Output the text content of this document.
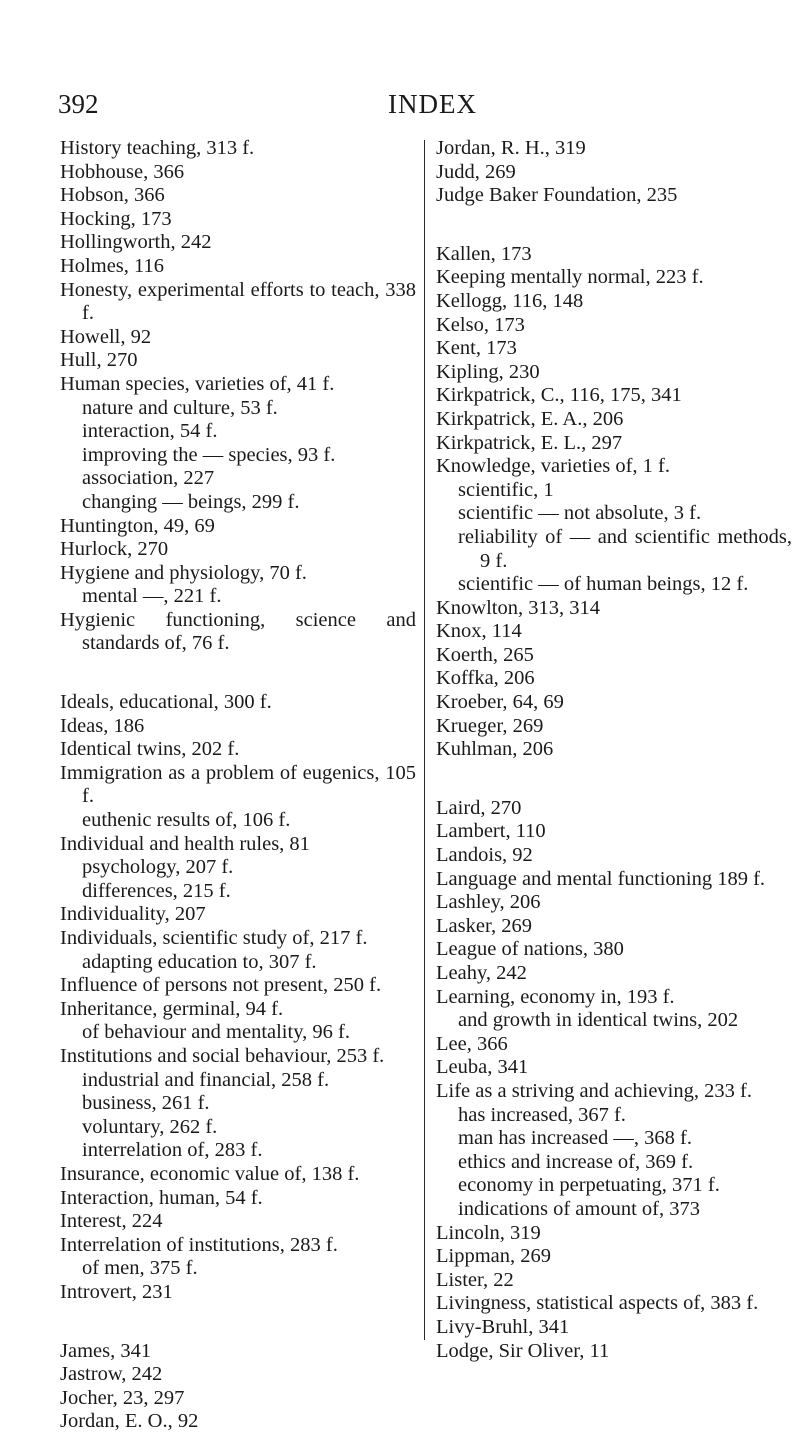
392	INDEX
History teaching, 313 f.
Hobhouse, 366
Hobson, 366
Hocking, 173
Hollingworth, 242
Holmes, 116
Honesty, experimental efforts to teach, 338 f.
Howell, 92
Hull, 270
Human species, varieties of, 41 f.
nature and culture, 53 f.
interaction, 54 f.
improving the — species, 93 f.
association, 227
changing — beings, 299 f.
Huntington, 49, 69
Hurlock, 270
Hygiene and physiology, 70 f.
mental —, 221 f.
Hygienic functioning, science and standards of, 76 f.
Ideals, educational, 300 f.
Ideas, 186
Identical twins, 202 f.
Immigration as a problem of eugenics, 105 f.
euthenic results of, 106 f.
Individual and health rules, 81
psychology, 207 f.
differences, 215 f.
Individuality, 207
Individuals, scientific study of, 217 f.
adapting education to, 307 f.
Influence of persons not present, 250 f.
Inheritance, germinal, 94 f.
of behaviour and mentality, 96 f.
Institutions and social behaviour, 253 f.
industrial and financial, 258 f.
business, 261 f.
voluntary, 262 f.
interrelation of, 283 f.
Insurance, economic value of, 138 f.
Interaction, human, 54 f.
Interest, 224
Interrelation of institutions, 283 f.
of men, 375 f.
Introvert, 231
James, 341
Jastrow, 242
Jocher, 23, 297
Jordan, E. O., 92
Jordan, R. H., 319
Judd, 269
Judge Baker Foundation, 235
Kallen, 173
Keeping mentally normal, 223 f.
Kellogg, 116, 148
Kelso, 173
Kent, 173
Kipling, 230
Kirkpatrick, C., 116, 175, 341
Kirkpatrick, E. A., 206
Kirkpatrick, E. L., 297
Knowledge, varieties of, 1 f.
scientific, 1
scientific — not absolute, 3 f.
reliability of — and scientific methods, 9 f.
scientific — of human beings, 12 f.
Knowlton, 313, 314
Knox, 114
Koerth, 265
Koffka, 206
Kroeber, 64, 69
Krueger, 269
Kuhlman, 206
Laird, 270
Lambert, 110
Landois, 92
Language and mental functioning 189 f.
Lashley, 206
Lasker, 269
League of nations, 380
Leahy, 242
Learning, economy in, 193 f.
and growth in identical twins, 202
Lee, 366
Leuba, 341
Life as a striving and achieving, 233 f.
has increased, 367 f.
man has increased —, 368 f.
ethics and increase of, 369 f.
economy in perpetuating, 371 f.
indications of amount of, 373
Lincoln, 319
Lippman, 269
Lister, 22
Livingness, statistical aspects of, 383 f.
Livy-Bruhl, 341
Lodge, Sir Oliver, 11
